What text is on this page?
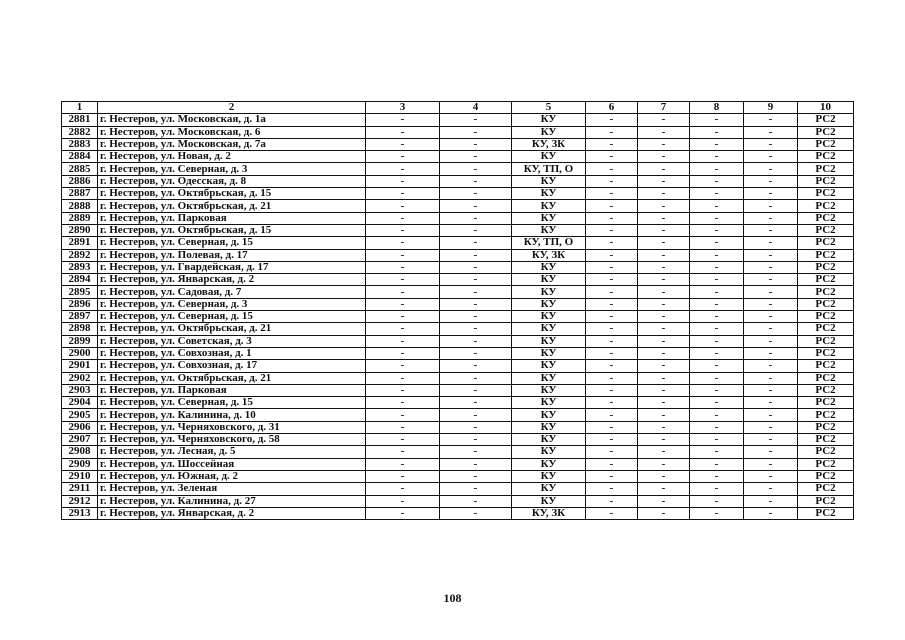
1	2	3	4	5	6	7	8	9	10
2881	г. Нестеров, ул. Московская, д. 1а	-	-	КУ	-	-	-	-	РС2
2882	г. Нестеров, ул. Московская, д. 6	-	-	КУ	-	-	-	-	РС2
2883	г. Нестеров, ул. Московская, д. 7а	-	-	КУ, ЗК	-	-	-	-	РС2
2884	г. Нестеров, ул. Новая, д. 2	-	-	КУ	-	-	-	-	РС2
2885	г. Нестеров, ул. Северная, д. 3	-	-	КУ, ТП, О	-	-	-	-	РС2
2886	г. Нестеров, ул. Одесская, д. 8	-	-	КУ	-	-	-	-	РС2
2887	г. Нестеров, ул. Октябрьская, д. 15	-	-	КУ	-	-	-	-	РС2
2888	г. Нестеров, ул. Октябрьская, д. 21	-	-	КУ	-	-	-	-	РС2
2889	г. Нестеров, ул. Парковая	-	-	КУ	-	-	-	-	РС2
2890	г. Нестеров, ул. Октябрьская, д. 15	-	-	КУ	-	-	-	-	РС2
2891	г. Нестеров, ул. Северная, д. 15	-	-	КУ, ТП, О	-	-	-	-	РС2
2892	г. Нестеров, ул. Полевая, д. 17	-	-	КУ, ЗК	-	-	-	-	РС2
2893	г. Нестеров, ул. Гвардейская, д. 17	-	-	КУ	-	-	-	-	РС2
2894	г. Нестеров, ул. Январская, д. 2	-	-	КУ	-	-	-	-	РС2
2895	г. Нестеров, ул. Садовая, д. 7	-	-	КУ	-	-	-	-	РС2
2896	г. Нестеров, ул. Северная, д. 3	-	-	КУ	-	-	-	-	РС2
2897	г. Нестеров, ул. Северная, д. 15	-	-	КУ	-	-	-	-	РС2
2898	г. Нестеров, ул. Октябрьская, д. 21	-	-	КУ	-	-	-	-	РС2
2899	г. Нестеров, ул. Советская, д. 3	-	-	КУ	-	-	-	-	РС2
2900	г. Нестеров, ул. Совхозная, д. 1	-	-	КУ	-	-	-	-	РС2
2901	г. Нестеров, ул. Совхозная, д. 17	-	-	КУ	-	-	-	-	РС2
2902	г. Нестеров, ул. Октябрьская, д. 21	-	-	КУ	-	-	-	-	РС2
2903	г. Нестеров, ул. Парковая	-	-	КУ	-	-	-	-	РС2
2904	г. Нестеров, ул. Северная, д. 15	-	-	КУ	-	-	-	-	РС2
2905	г. Нестеров, ул. Калинина, д. 10	-	-	КУ	-	-	-	-	РС2
2906	г. Нестеров, ул. Черняховского, д. 31	-	-	КУ	-	-	-	-	РС2
2907	г. Нестеров, ул. Черняховского, д. 58	-	-	КУ	-	-	-	-	РС2
2908	г. Нестеров, ул. Лесная, д. 5	-	-	КУ	-	-	-	-	РС2
2909	г. Нестеров, ул. Шоссейная	-	-	КУ	-	-	-	-	РС2
2910	г. Нестеров, ул. Южная, д. 2	-	-	КУ	-	-	-	-	РС2
2911	г. Нестеров, ул. Зеленая	-	-	КУ	-	-	-	-	РС2
2912	г. Нестеров, ул. Калинина, д. 27	-	-	КУ	-	-	-	-	РС2
2913	г. Нестеров, ул. Январская, д. 2	-	-	КУ, ЗК	-	-	-	-	РС2
108
